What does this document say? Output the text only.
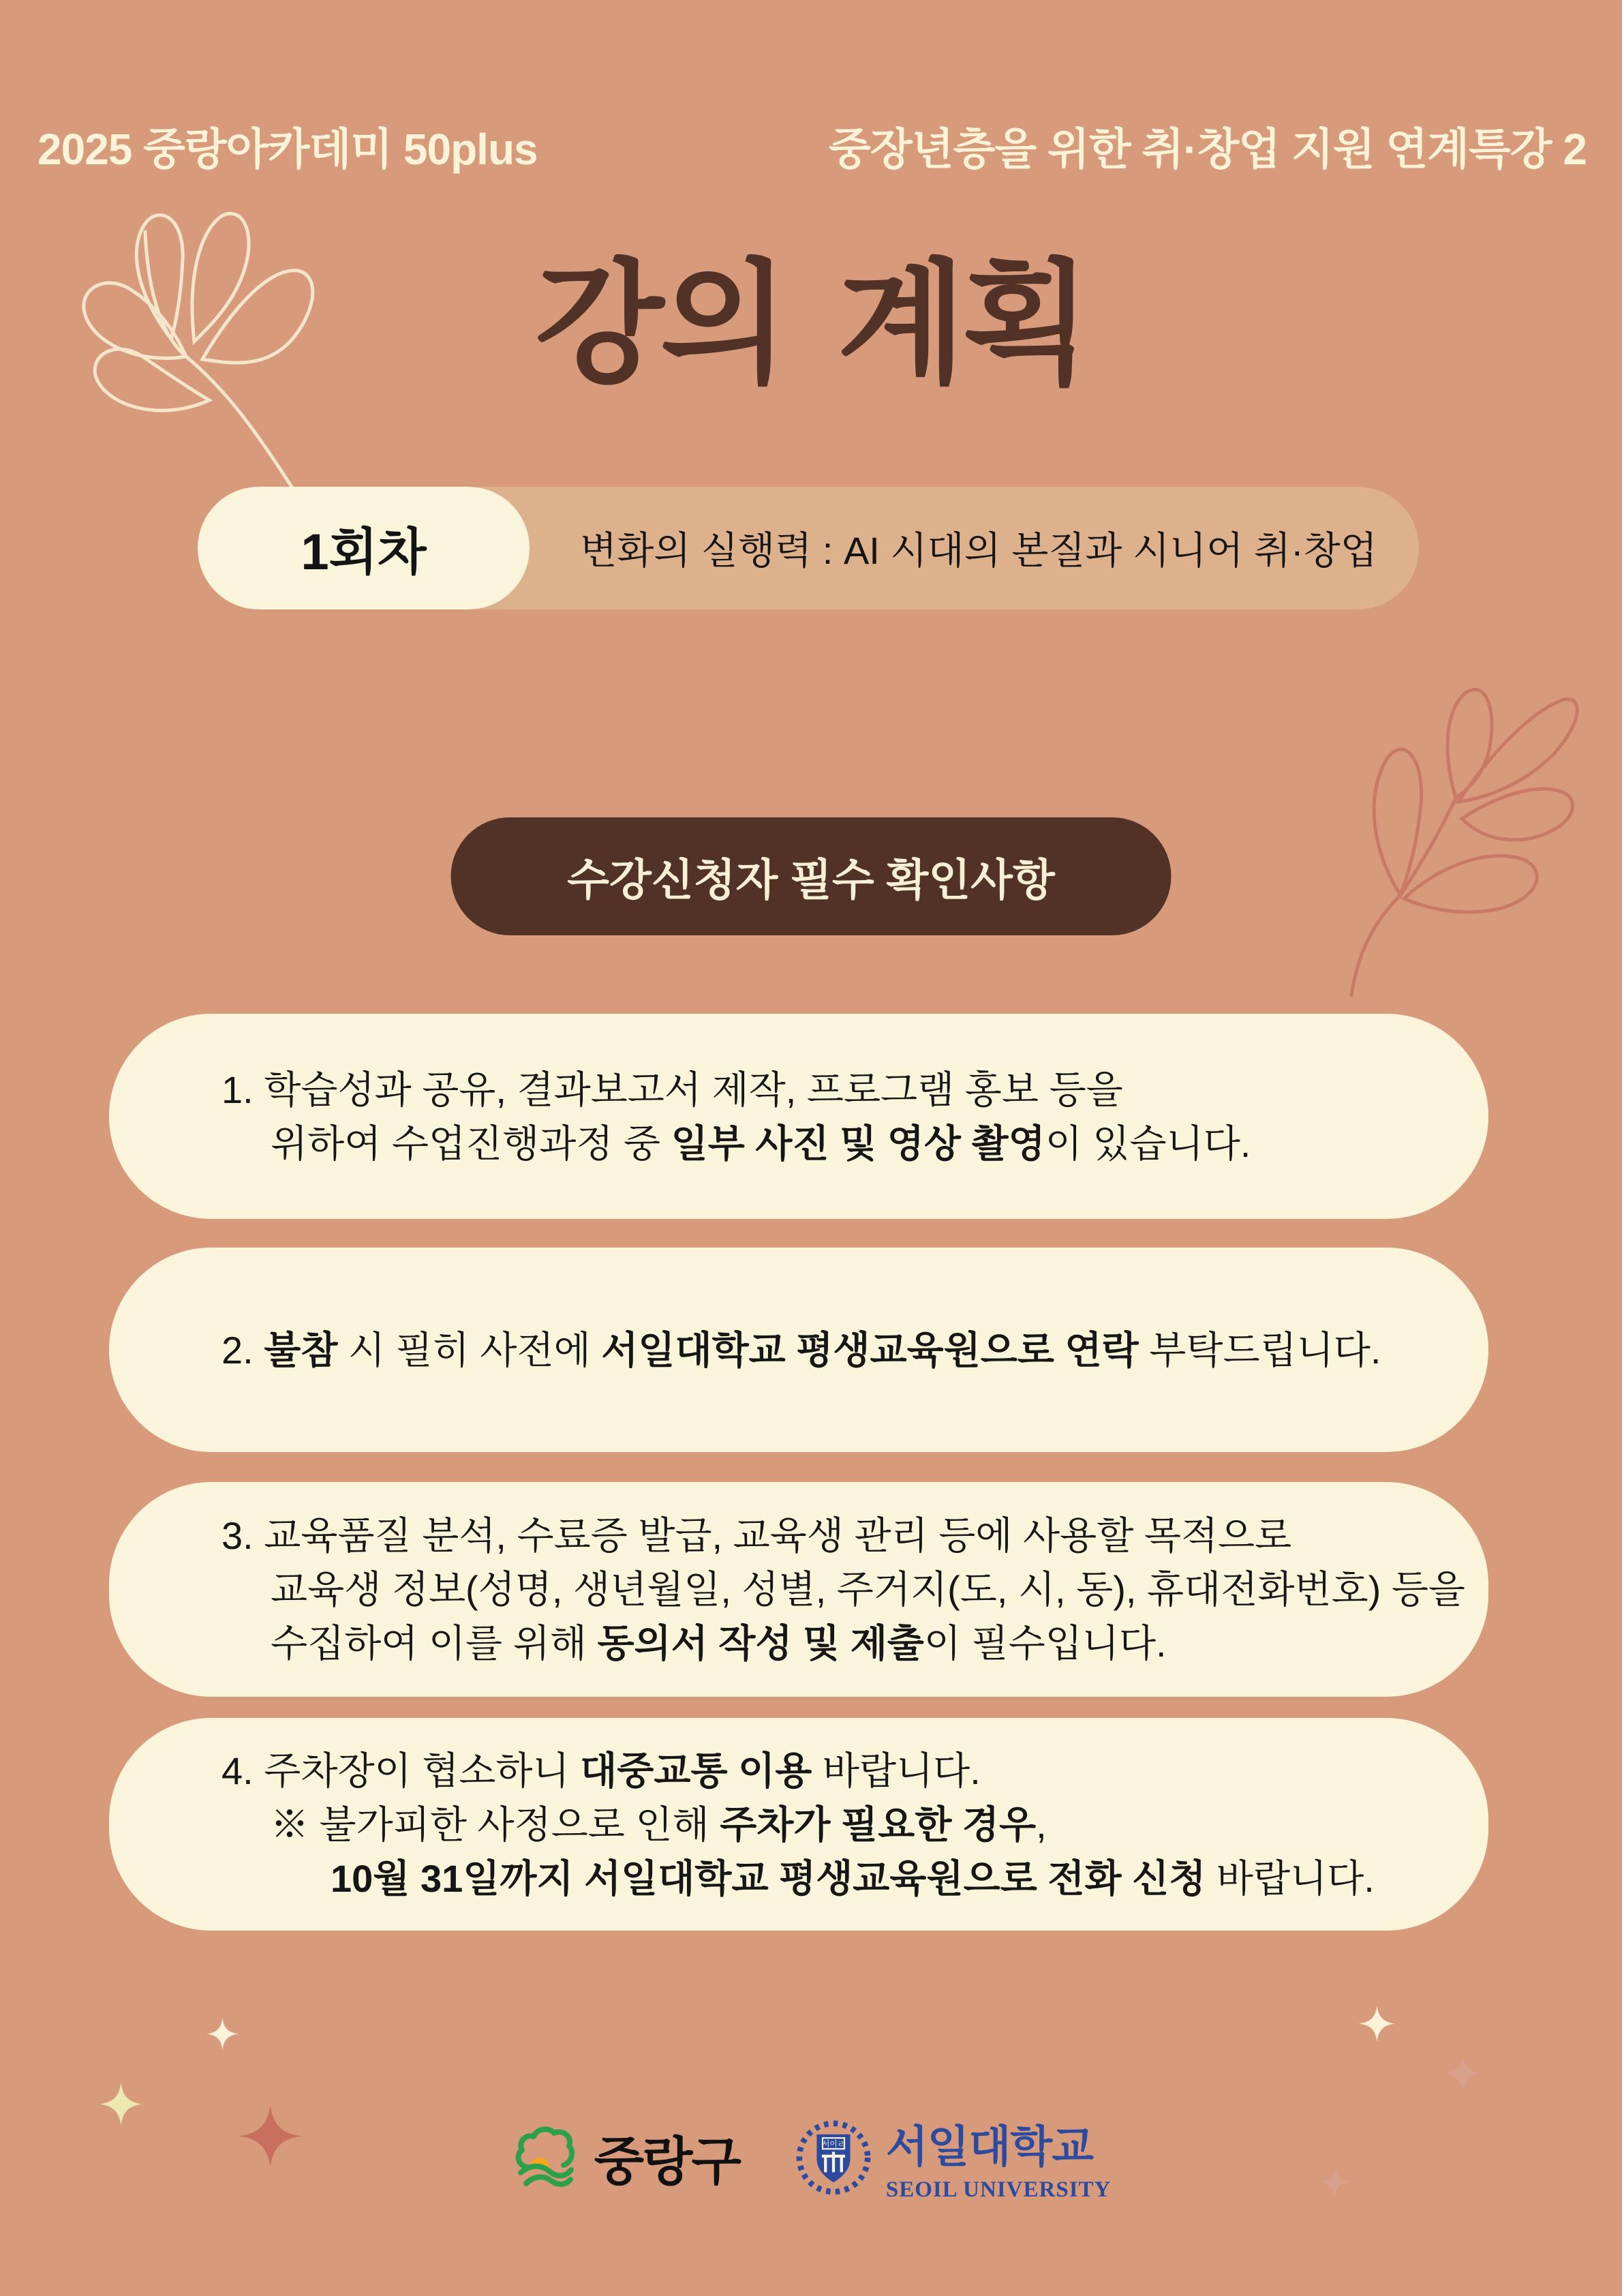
2025 중랑아카데미 50plus	중장년층을 위한 취·창업 지원 연계특강 2
강의 계획
변화의 실행력 : AI 시대의 본질과 시니어 취·창업
1회차
수강신청자 필수 확인사항
1. 학습성과 공유, 결과보고서 제작, 프로그램 홍보 등을
위하여 수업진행과정 중 일부 사진 및 영상 촬영이 있습니다.
2. 불참 시 필히 사전에 서일대학교 평생교육원으로 연락 부탁드립니다.
3. 교육품질 분석, 수료증 발급, 교육생 관리 등에 사용할 목적으로
교육생 정보(성명, 생년월일, 성별, 주거지(도, 시, 동), 휴대전화번호) 등을
수집하여 이를 위해 동의서 작성 및 제출이 필수입니다.
4. 주차장이 협소하니 대중교통 이용 바랍니다.
※ 불가피한 사정으로 인해 주차가 필요한 경우,
10월 31일까지 서일대학교 평생교육원으로 전화 신청 바랍니다.
중랑구	서이ㄹ 서일대학교
SEOIL UNIVERSITY
